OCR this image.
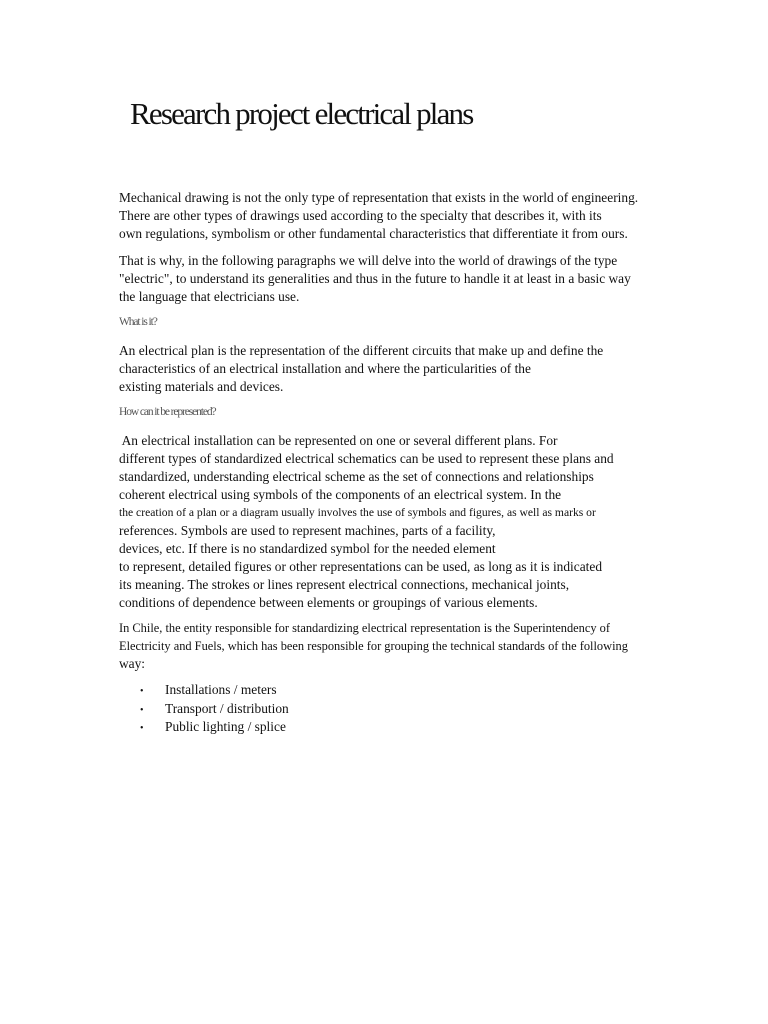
Research project electrical plans
Mechanical drawing is not the only type of representation that exists in the world of engineering.
There are other types of drawings used according to the specialty that describes it, with its
own regulations, symbolism or other fundamental characteristics that differentiate it from ours.
That is why, in the following paragraphs we will delve into the world of drawings of the type
"electric", to understand its generalities and thus in the future to handle it at least in a basic way
the language that electricians use.
What is it?
An electrical plan is the representation of the different circuits that make up and define the
characteristics of an electrical installation and where the particularities of the
existing materials and devices.
How can it be represented?
An electrical installation can be represented on one or several different plans. For
different types of standardized electrical schematics can be used to represent these plans and
standardized, understanding electrical scheme as the set of connections and relationships
coherent electrical using symbols of the components of an electrical system. In the
the creation of a plan or a diagram usually involves the use of symbols and figures, as well as marks or
references. Symbols are used to represent machines, parts of a facility,
devices, etc. If there is no standardized symbol for the needed element
to represent, detailed figures or other representations can be used, as long as it is indicated
its meaning. The strokes or lines represent electrical connections, mechanical joints,
conditions of dependence between elements or groupings of various elements.
In Chile, the entity responsible for standardizing electrical representation is the Superintendency of
Electricity and Fuels, which has been responsible for grouping the technical standards of the following
way:
• Installations / meters
• Transport / distribution
• Public lighting / splice
